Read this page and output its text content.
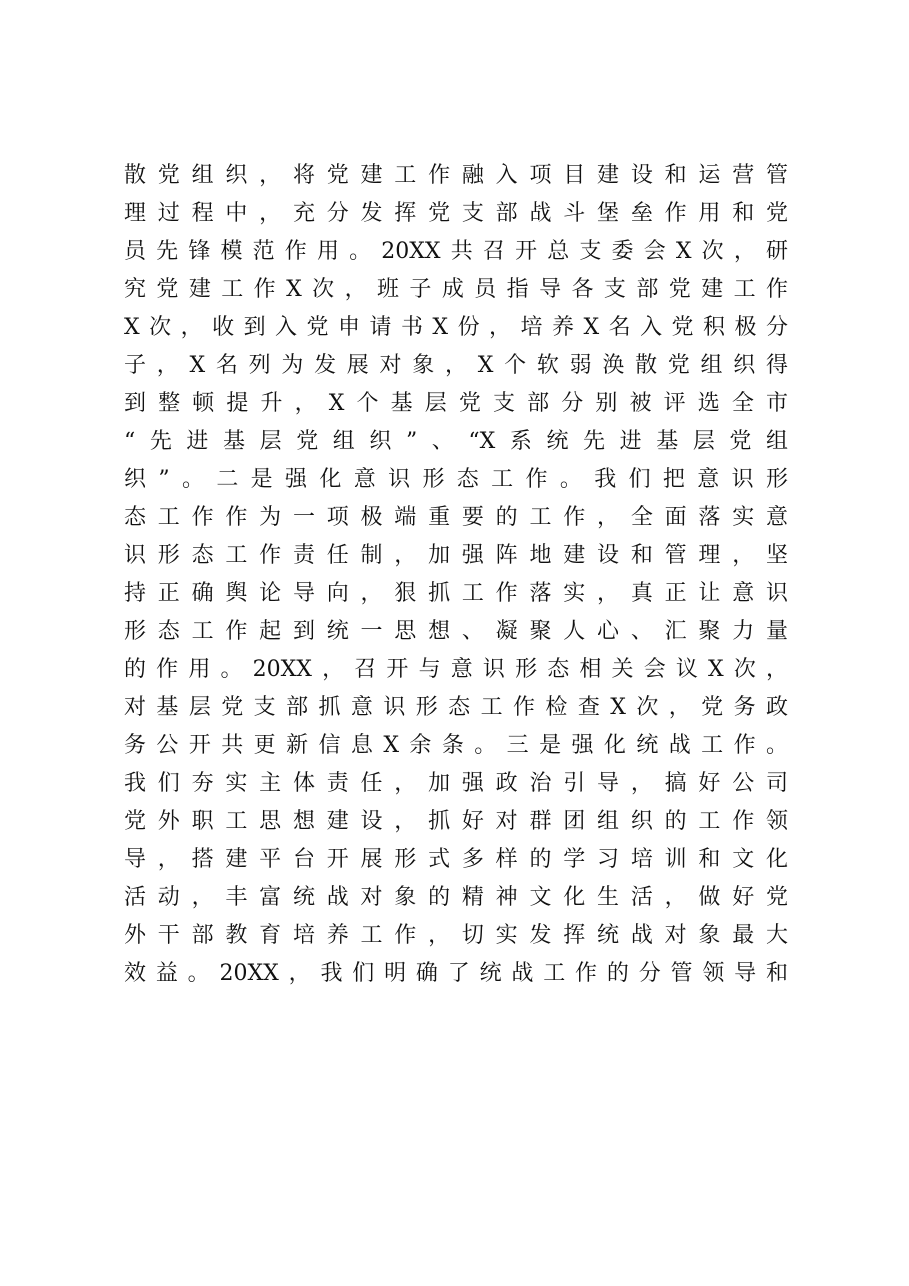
散党组织，将党建工作融入项目建设和运营管
理过程中，充分发挥党支部战斗堡垒作用和党
员先锋模范作用。20XX共召开总支委会X次，研
究党建工作X次，班子成员指导各支部党建工作
X次，收到入党申请书X份，培养X名入党积极分
子，X名列为发展对象，X个软弱涣散党组织得
到整顿提升，X个基层党支部分别被评选全市
“先进基层党组织”、“X系统先进基层党组
织”。二是强化意识形态工作。我们把意识形
态工作作为一项极端重要的工作，全面落实意
识形态工作责任制，加强阵地建设和管理，坚
持正确舆论导向，狠抓工作落实，真正让意识
形态工作起到统一思想、凝聚人心、汇聚力量
的作用。20XX，召开与意识形态相关会议X次，
对基层党支部抓意识形态工作检查X次，党务政
务公开共更新信息X余条。三是强化统战工作。
我们夯实主体责任，加强政治引导，搞好公司
党外职工思想建设，抓好对群团组织的工作领
导，搭建平台开展形式多样的学习培训和文化
活动，丰富统战对象的精神文化生活，做好党
外干部教育培养工作，切实发挥统战对象最大
效益。20XX，我们明确了统战工作的分管领导和
